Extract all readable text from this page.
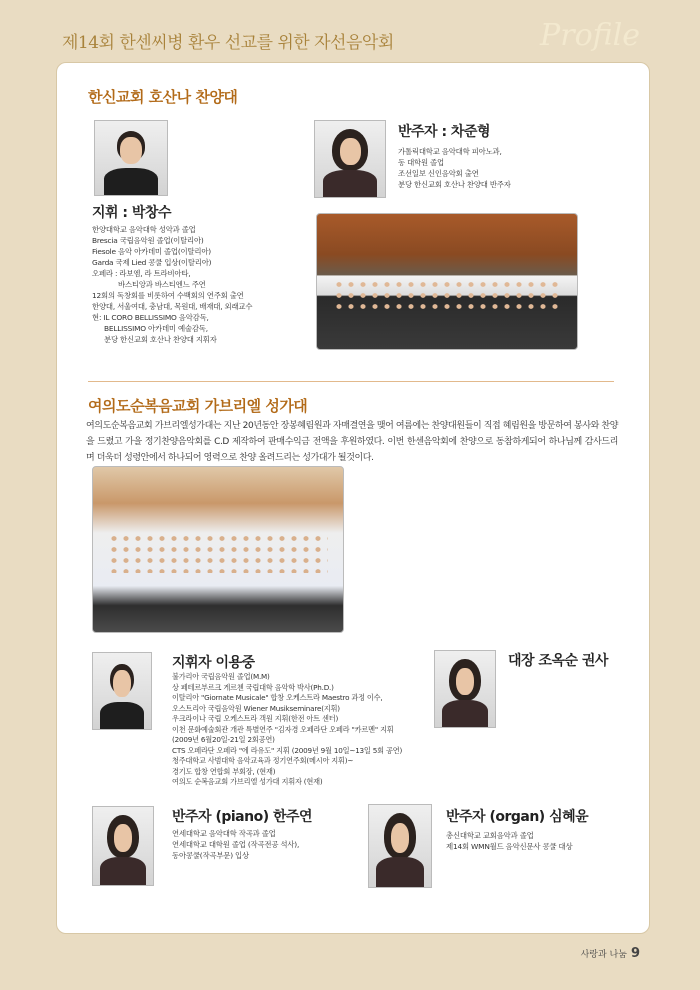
제14회 한센씨병 환우 선교를 위한 자선음악회	Profile
한신교회 호산나 찬양대
지휘 : 박창수
한양대학교 음악대학 성악과 졸업
Brescia 국립음악원 졸업(이탈리아)
Fiesole 음악 아카데미 졸업(이탈리아)
Garda 국제 Lied 콩쿨 입상(이탈리아)
오페라 : 라보엠, 라 트라비아타,
바스티앙과 바스티엔느 주연
12회의 독창회를 비롯하여 수백회의 연주회 출연
한양대, 서울여대, 충남대, 목원대, 배재대, 외래교수
현: IL CORO BELLISSIMO 음악감독,
BELLISSIMO 아카데미 예술감독,
분당 한신교회 호산나 찬양대 지휘자
반주자 : 차준형
가톨릭대학교 음악대학 피아노과,
동 대학원 졸업
조선일보 신인음악회 출연
분당 한신교회 호산나 찬양대 반주자
여의도순복음교회 가브리엘 성가대
여의도순복음교회 가브리엘성가대는 지난 20년동안 장봉혜림원과 자매결연을 맺어 여름에는 찬양대원들이 직접 혜림원을 방문하여 봉사와 찬양을 드렸고 가을 정기찬양음악회를 C.D 제작하여 판매수익금 전액을 후원하였다. 이번 한센음악회에 찬양으로 동참하게되어 하나님께 감사드리며 더욱더 성령안에서 하나되어 영력으로 찬양 올려드리는 성가대가 될것이다.
지휘자 이용중
불가리아 국립음악원 졸업(M.M)
상 페테르부르크 게르첸 국립대학 음악학 박사(Ph.D.)
이탈리아 "Giornate Musicale" 합창 오케스트라 Maestro 과정 이수,
오스트리아 국립음악원 Wiener Musikseminare(지휘)
우크라이나 국립 오케스트라 객원 지휘(한전 아트 센터)
이천 문화예술회관 개관 특별연주 "김자경 오페라단 오페라 "카르멘" 지휘
(2009년 6월20일-21일 2회공연)
CTS 오페라단 오페라 "에 라유도" 지휘 (2009년 9월 10일~13일 5회 공연)
청주대학교 사범대학 음악교육과 정기연주회(메시아 지휘)~
경기도 합창 연합회 부회장, (현재)
여의도 순복음교회 가브리엘 성가대 지휘자 (현재)
대장 조옥순 권사
반주자 (piano) 한주연
연세대학교 음악대학 작곡과 졸업
연세대학교 대학원 졸업 (작곡전공 석사),
동아콩쿨(작곡부문) 입상
반주자 (organ) 심혜윤
총신대학교 교회음악과 졸업
제14회 WMN월드 음악신문사 콩쿨 대상
사랑과 나눔 9
